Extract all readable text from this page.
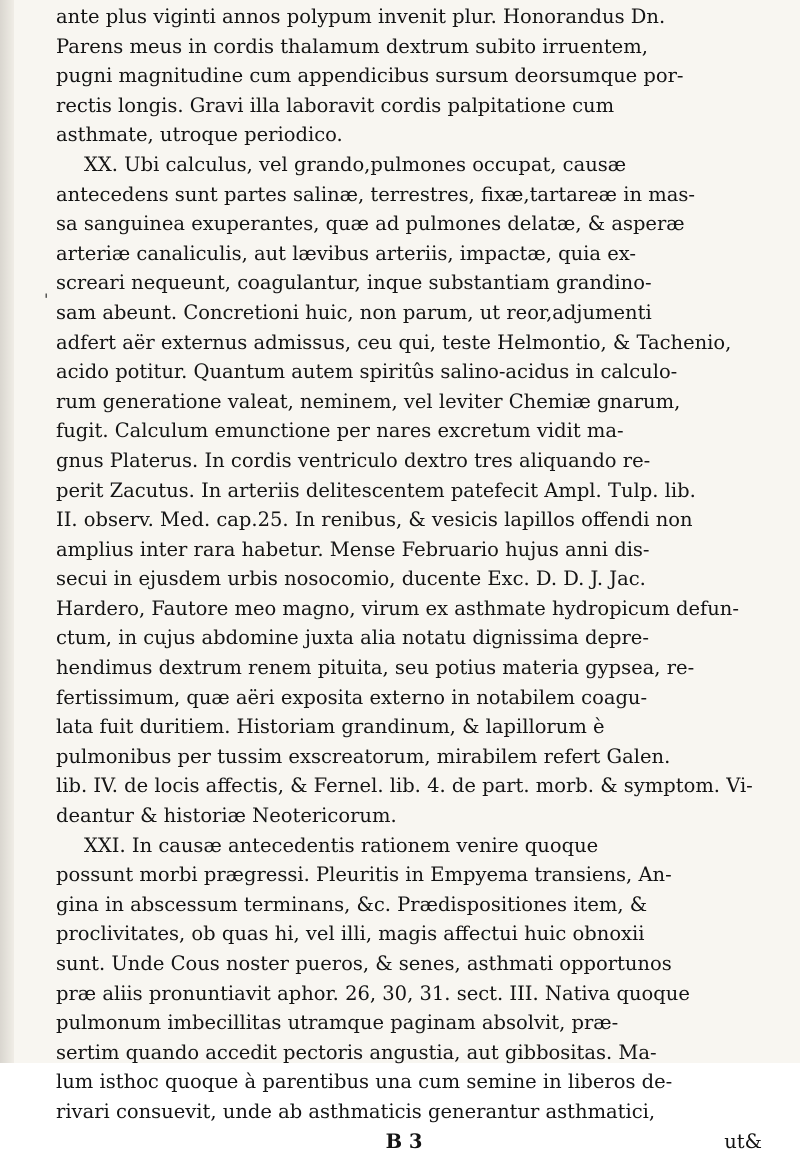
'
ante plus viginti annos polypum invenit plur. Honorandus Dn.
Parens meus in cordis thalamum dextrum subito irruentem,
pugni magnitudine cum appendicibus sursum deorsumque por-
rectis longis. Gravi illa laboravit cordis palpitatione cum
asthmate, utroque periodico.
XX. Ubi calculus, vel grando,pulmones occupat, causæ
antecedens sunt partes salinæ, terrestres, fixæ,tartareæ in mas-
sa sanguinea exuperantes, quæ ad pulmones delatæ, & asperæ
arteriæ canaliculis, aut lævibus arteriis, impactæ, quia ex-
screari nequeunt, coagulantur, inque substantiam grandino-
sam abeunt. Concretioni huic, non parum, ut reor,adjumenti
adfert aër externus admissus, ceu qui, teste Helmontio, & Tachenio,
acido potitur. Quantum autem spiritûs salino-acidus in calculo-
rum generatione valeat, neminem, vel leviter Chemiæ gnarum,
fugit. Calculum emunctione per nares excretum vidit ma-
gnus Platerus. In cordis ventriculo dextro tres aliquando re-
perit Zacutus. In arteriis delitescentem patefecit Ampl. Tulp. lib.
II. observ. Med. cap.25. In renibus, & vesicis lapillos offendi non
amplius inter rara habetur. Mense Februario hujus anni dis-
secui in ejusdem urbis nosocomio, ducente Exc. D. D. J. Jac.
Hardero, Fautore meo magno, virum ex asthmate hydropicum defun-
ctum, in cujus abdomine juxta alia notatu dignissima depre-
hendimus dextrum renem pituita, seu potius materia gypsea, re-
fertissimum, quæ aëri exposita externo in notabilem coagu-
lata fuit duritiem. Historiam grandinum, & lapillorum è
pulmonibus per tussim exscreatorum, mirabilem refert Galen.
lib. IV. de locis affectis, & Fernel. lib. 4. de part. morb. & symptom. Vi-
deantur & historiæ Neotericorum.
XXI. In causæ antecedentis rationem venire quoque
possunt morbi prægressi. Pleuritis in Empyema transiens, An-
gina in abscessum terminans, &c. Prædispositiones item, &
proclivitates, ob quas hi, vel illi, magis affectui huic obnoxii
sunt. Unde Cous noster pueros, & senes, asthmati opportunos
præ aliis pronuntiavit aphor. 26, 30, 31. sect. III. Nativa quoque
pulmonum imbecillitas utramque paginam absolvit, præ-
sertim quando accedit pectoris angustia, aut gibbositas. Ma-
lum isthoc quoque à parentibus una cum semine in liberos de-
rivari consuevit, unde ab asthmaticis generantur asthmatici,
B 3	ut&
